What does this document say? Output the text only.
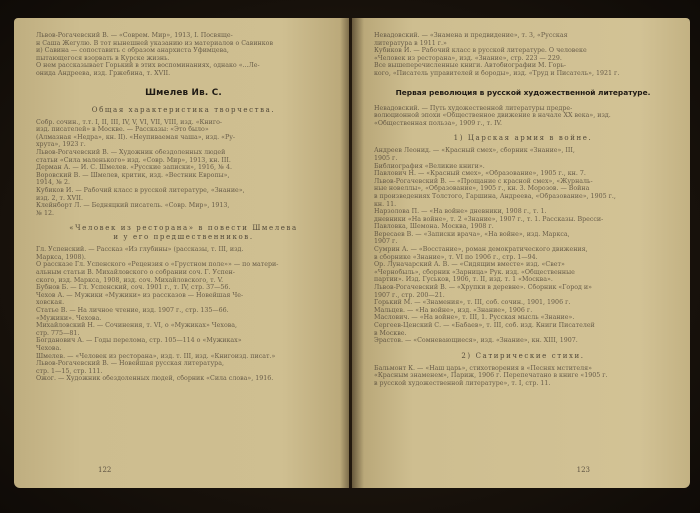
Львов-Рогачевский В. — «Соврем. Мир», 1913, I. Посвяще-
н Саша Жегулю. В тот нынешней указанию из материалов о Савинков
и) Савина — сопоставить с образом анархиста Уфимцева,
пытающегося взорвать в Курске жизнь.
О нем рассказывает Горький в этих воспоминаниях, однако «...Ле-
онида Андреева, изд. Гржебина, т. XVII.
Шмелев Ив. С.
Общая характеристика творчества.
Собр. сочин., т.т. I, II, III, IV, V, VI, VII, VIII, изд. «Книго-
изд. писателей» в Москве. — Рассказы: «Это было»
(Алмазная «Недра», кн. II). «Неупиваемая чаша», изд. «Ру-
хрута», 1923 г.
Львов-Рогачевский В. — Художник обездоленных людей
статьи «Сила маленького» изд. «Совр. Мир», 1913, кн. III.
Дерман А. — И. С. Шмелев. «Русские записки», 1916, № 4.
Воровский В. — Шмелев, критик, изд. «Вестник Европы»,
1914, № 2.
Кубиков И. — Рабочий класс в русской литературе, «Знание»,
изд. 2, т. XVII.
Клейнборт Л. — Бедняцкий писатель. «Совр. Мир», 1913,
№ 12.
«Человек из ресторана» в повести Шмелева
и у его предшественников.
Гл. Успенский. — Рассказ «Из глубины» (рассказы, т. III, изд.
Маркса, 1908).
О рассказе Гл. Успенского «Рецензия о «Грустном поле»» — по матери-
альным статьи В. Михайловского о собрании соч. Г. Успен-
ского, изд. Маркса, 1908, изд. соч. Михайловского, т. V.
Бубнов Б. — Гл. Успенский, соч. 1901 г., т. IV, стр. 37—56.
Чехов А. — Мужики «Мужики» из рассказов — Новейшая Че-
ховская.
Статье В. — На личное чтение, изд. 1907 г., стр. 135—66.
«Мужики». Чехова.
Михайловский Н. — Сочинения, т. VI, о «Мужиках» Чехова,
стр. 775—81.
Богданович А. — Годы перелома, стр. 105—114 о «Мужиках»
Чехова.
Шмелев. — «Человек из ресторана», изд. т. III, изд. «Книгоизд. писат.»
Львов-Рогачевский В. — Новейшая русская литература,
стр. 1—15, стр. 111.
Ожог. — Художник обездоленных людей, сборник «Сила слова», 1916.
122
Невадовский. — «Знамена и предвидение», т. 3, «Русская
литература в 1911 г.»
Кубиков И. — Рабочий класс в русской литературе. О человеке
«Человек из ресторана», изд. «Знание», стр. 223 — 229.
Все вышеперечисленные книги. Автобиографии М. Горь-
кого, «Писатель управителей и бороды», изд. «Труд и Писатель», 1921 г.
Первая революция в русской художественной литературе.
Невадовский. — Путь художественной литературы предре-
волюционной эпохи «Общественное движение в начале ХХ века», изд.
«Общественная польза», 1909 г., т. IV.
1) Царская армия в войне.
Андреев Леонид. — «Красный смех», сборник «Знание», III,
1905 г.
Библиография «Великие книги».
Павлович Н. — «Красный смех», «Образование», 1905 г., кн. 7.
Львов-Рогачевский В. — «Прощание с красной смех», «Журналь-
ные новеллы», «Образование», 1905 г., кн. 3. Морозов. — Война
в произведениях Толстого, Гаршина, Андреева, «Образование», 1905 г.,
кн. 11.
Нарзолова П. — «На войне» дневники, 1908 г., т. 1.
дневники «На войне», т. 2 «Знание», 1907 г., т. 1. Рассказы. Вресси-
Павловка, Шемона. Москва, 1908 г.
Вересаев В. — «Записки врача», «На войне», изд. Маркса,
1907 г.
Сумрин А. — «Восстание», роман демократического движения,
в сборнике «Знание», т. VI по 1906 г., стр. 1—94.
Ор. Луначарский А. В. — «Сидящим вместе» изд. «Свет»
«Чернобыль», сборник «Зарница» Рук. изд. «Общественные
партии». Изд. Гуськов, 1906, т. II, изд. т. 1 «Москва».
Львов-Рогачевский В. — «Хрупки в деревне». Сборник «Город и»
1907 г., стр. 200—21.
Горький М. — «Знамения», т. III, соб. сочин., 1901, 1906 г.
Мальцев. — «На войне», изд. «Знание», 1906 г.
Маслович. — «На войне», т. III, 1. Русская мысль «Знание».
Сергеев-Ценский С. — «Бабаев», т. III, соб. изд. Книги Писателей
в Москве.
Эрастов. — «Сомневающиеся», изд. «Знание», кн. XIII, 1907.
2) Сатирические стихи.
Бальмонт К. — «Наш царь», стихотворения в «Песнях мстителя»
«Красным знаменем», Париж, 1906 г. Перепечатано в книге «1905 г.
в русской художественной литературе», т. I, стр. 11.
123
